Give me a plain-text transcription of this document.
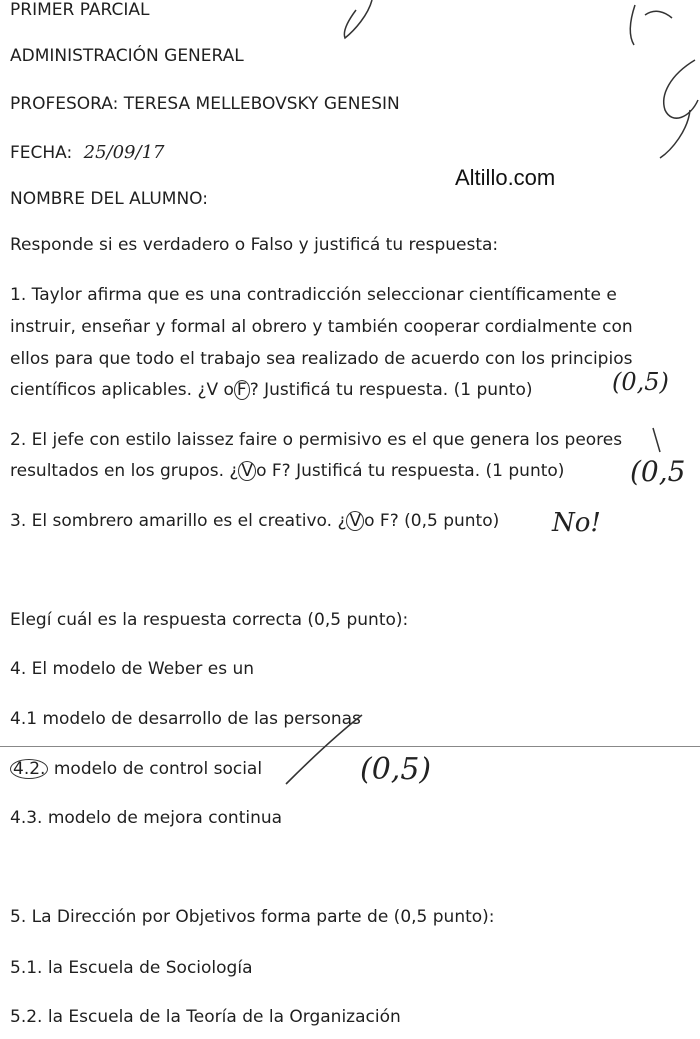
PRIMER PARCIAL
ADMINISTRACIÓN GENERAL
PROFESORA: TERESA MELLEBOVSKY GENESIN
FECHA: 25/09/17
NOMBRE DEL ALUMNO:
Altillo.com
Responde si es verdadero o Falso y justificá tu respuesta:
1. Taylor afirma que es una contradicción seleccionar científicamente e
instruir, enseñar y formal al obrero y también cooperar cordialmente con
ellos para que todo el trabajo sea realizado de acuerdo con los principios
científicos aplicables. ¿V o F ? Justificá tu respuesta. (1 punto)	(0,5)
2. El jefe con estilo laissez faire o permisivo es el que genera los peores
resultados en los grupos. ¿ V o F? Justificá tu respuesta. (1 punto) (0,5
3. El sombrero amarillo es el creativo. ¿ V o F? (0,5 punto) No!
Elegí cuál es la respuesta correcta (0,5 punto):
4. El modelo de Weber es un
4.1 modelo de desarrollo de las personas
4.2. modelo de control social	(0,5)
4.3. modelo de mejora continua
5. La Dirección por Objetivos forma parte de (0,5 punto):
5.1. la Escuela de Sociología
5.2. la Escuela de la Teoría de la Organización
